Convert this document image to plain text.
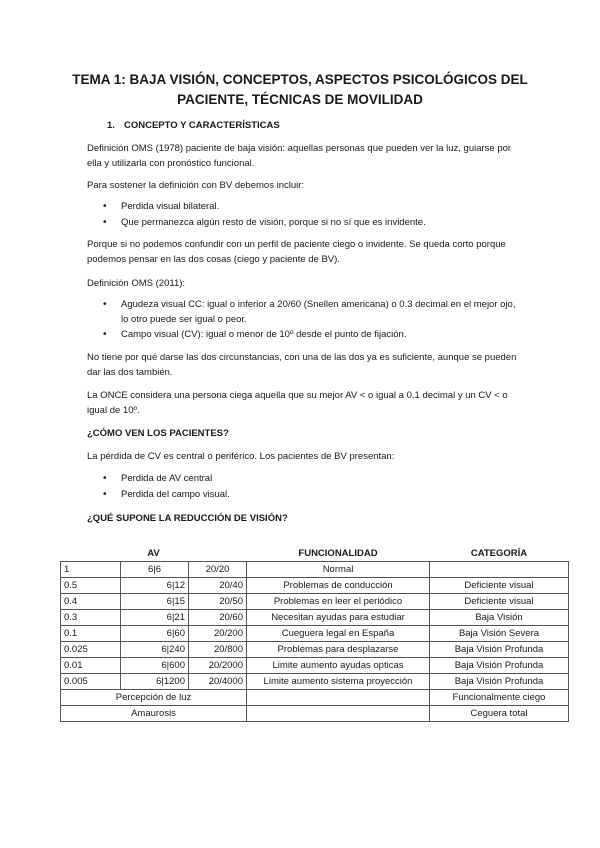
TEMA 1: BAJA VISIÓN, CONCEPTOS, ASPECTOS PSICOLÓGICOS DEL PACIENTE, TÉCNICAS DE MOVILIDAD
1. CONCEPTO Y CARACTERÍSTICAS

Definición OMS (1978) paciente de baja visión: aquellas personas que pueden ver la luz, guiarse por ella y utilizarla con pronóstico funcional.

Para sostener la definición con BV debemos incluir:

• Perdida visual bilateral.
• Que permanezca algún resto de visión, porque si no sí que es invidente.

Porque si no podemos confundir con un perfil de paciente ciego o invidente. Se queda corto porque podemos pensar en las dos cosas (ciego y paciente de BV).

Definición OMS (2011):

• Agudeza visual CC: igual o inferior a 20/60 (Snellen americana) o 0.3 decimal en el mejor ojo, lo otro puede ser igual o peor.
• Campo visual (CV): igual o menor de 10º desde el punto de fijación.

No tiene por qué darse las dos circunstancias, con una de las dos ya es suficiente, aunque se pueden dar las dos también.

La ONCE considera una persona ciega aquella que su mejor AV < o igual a 0.1 decimal y un CV < o igual de 10º.

¿CÓMO VEN LOS PACIENTES?

La pérdida de CV es central o periférico. Los pacientes de BV presentan:

• Perdida de AV central
• Perdida del campo visual.

¿QUÉ SUPONE LA REDUCCIÓN DE VISIÓN?

AV			FUNCIONALIDAD	CATEGORÍA
1	6|6	20/20	Normal	
0.5	6|12	20/40	Problemas de conducción	Deficiente visual
0.4	6|15	20/50	Problemas en leer el periódico	Deficiente visual
0.3	6|21	20/60	Necesitan ayudas para estudiar	Baja Visión
0.1	6|60	20/200	Cueguera legal en España	Baja Visión Severa
0.025	6|240	20/800	Problemas para desplazarse	Baja Visión Profunda
0.01	6|600	20/2000	Limite aumento ayudas opticas	Baja Visión Profunda
0.005	6|1200	20/4000	Limite aumento sistema proyección	Baja Visión Profunda
Percepción de luz				Funcionalmente ciego
Amaurosis				Ceguera total
